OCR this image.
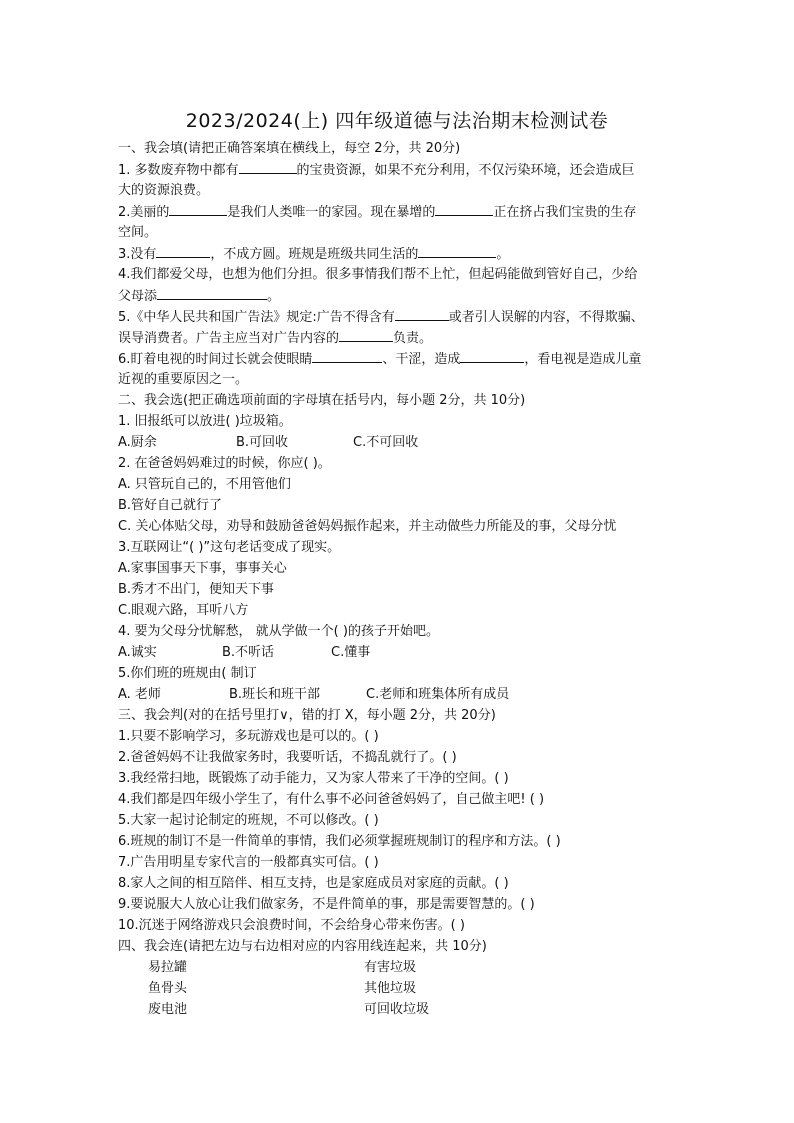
2023/2024(上) 四年级道德与法治期末检测试卷
一、我会填(请把正确答案填在横线上，每空 2分，共 20分)
1. 多数废弃物中都有	的宝贵资源，如果不充分利用，不仅污染环境，还会造成巨
大的资源浪费。
2.美丽的	是我们人类唯一的家园。现在暴增的	正在挤占我们宝贵的生存
空间。
3.没有	，不成方圆。班规是班级共同生活的	。
4.我们都爱父母，也想为他们分担。很多事情我们帮不上忙，但起码能做到管好自己，少给
父母添	。
5.《中华人民共和国广告法》规定:广告不得含有	或者引人误解的内容，不得欺骗、
误导消费者。广告主应当对广告内容的	负责。
6.盯着电视的时间过长就会使眼睛	、干涩，造成	，看电视是造成儿童
近视的重要原因之一。
二、我会选(把正确选项前面的字母填在括号内，每小题 2分，共 10分)
1. 旧报纸可以放进( )垃圾箱。
A.厨余	B.可回收	C.不可回收
2. 在爸爸妈妈难过的时候，你应( )。
A. 只管玩自己的，不用管他们
B.管好自己就行了
C. 关心体贴父母，劝导和鼓励爸爸妈妈振作起来，并主动做些力所能及的事，父母分忧
3.互联网让“( )”这句老话变成了现实。
A.家事国事天下事，事事关心
B.秀才不出门，便知天下事
C.眼观六路，耳听八方
4. 要为父母分忧解愁， 就从学做一个( )的孩子开始吧。
A.诚实	B.不听话	C.懂事
5.你们班的班规由( 制订
A. 老师	B.班长和班干部	C.老师和班集体所有成员
三、我会判(对的在括号里打∨，错的打 X，每小题 2分，共 20分)
1.只要不影响学习，多玩游戏也是可以的。( )
2.爸爸妈妈不让我做家务时，我要听话，不捣乱就行了。( )
3.我经常扫地，既锻炼了动手能力，又为家人带来了干净的空间。( )
4.我们都是四年级小学生了，有什么事不必问爸爸妈妈了，自己做主吧! ( )
5.大家一起讨论制定的班规，不可以修改。( )
6.班规的制订不是一件简单的事情，我们必须掌握班规制订的程序和方法。( )
7.广告用明星专家代言的一般都真实可信。( )
8.家人之间的相互陪伴、相互支持，也是家庭成员对家庭的贡献。( )
9.要说服大人放心让我们做家务，不是件简单的事，那是需要智慧的。( )
10.沉迷于网络游戏只会浪费时间，不会给身心带来伤害。( )
四、我会连(请把左边与右边相对应的内容用线连起来，共 10分)
易拉罐	有害垃圾
鱼骨头	其他垃圾
废电池	可回收垃圾
